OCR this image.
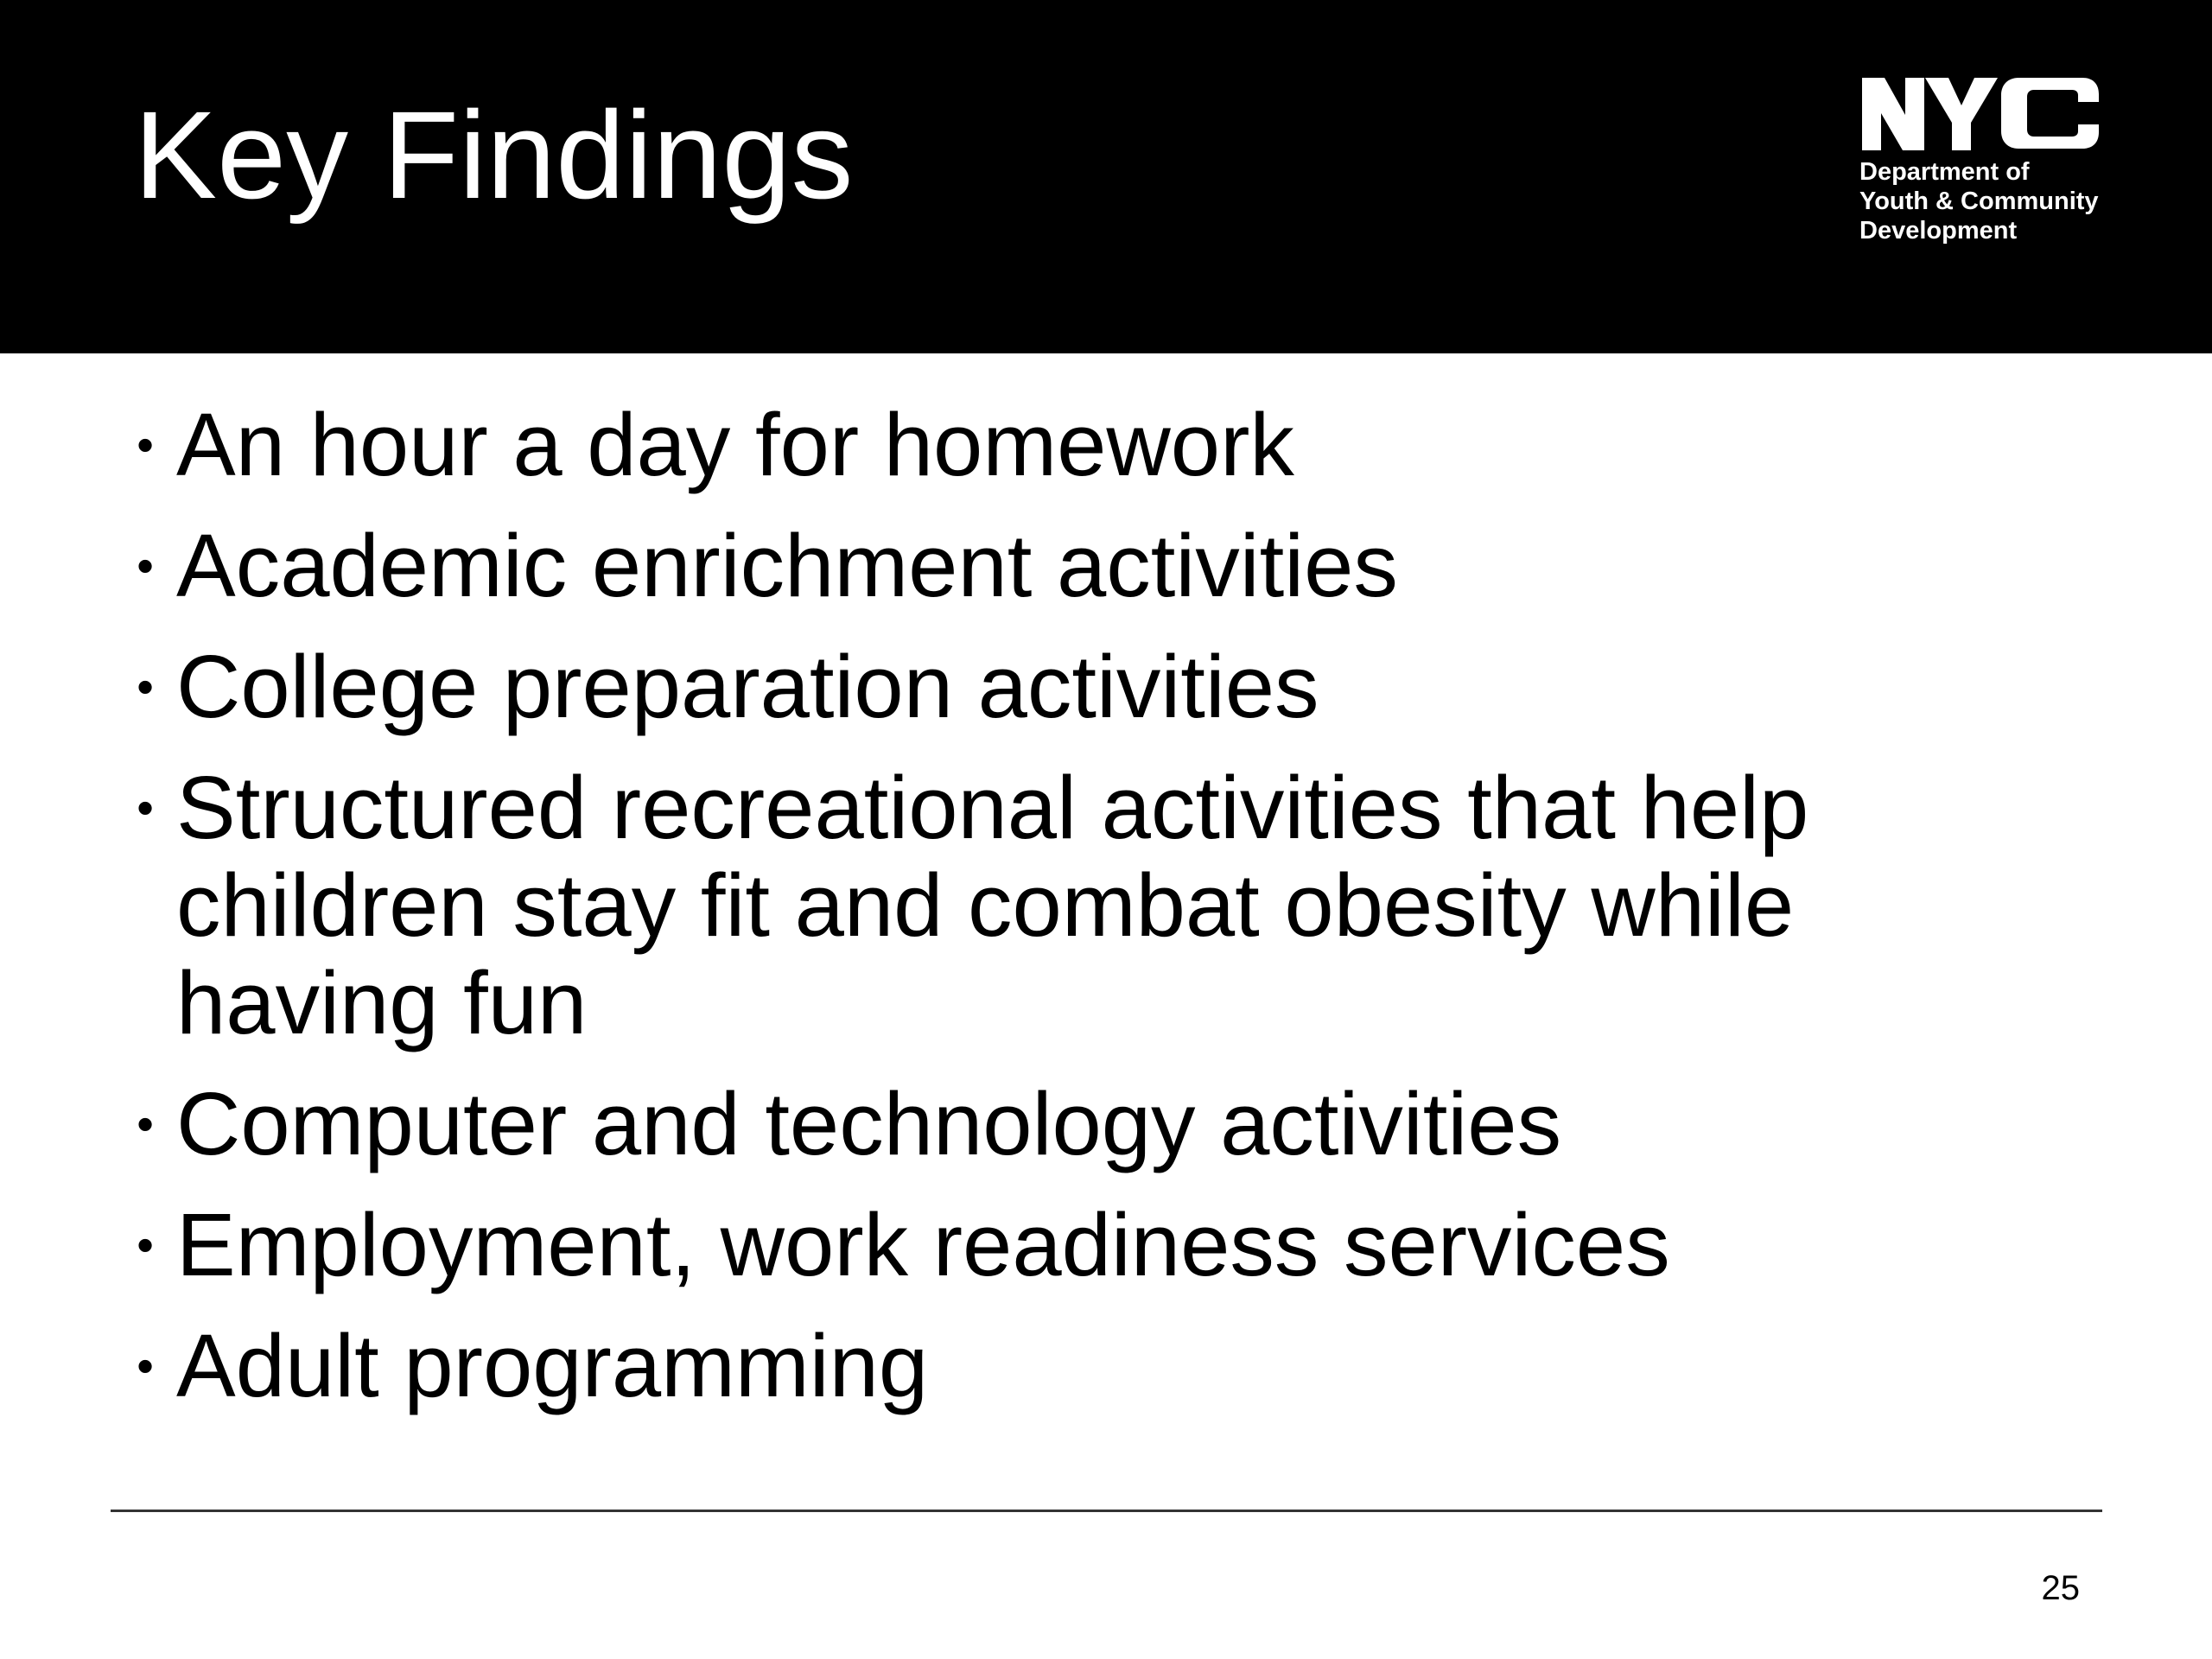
Key Findings	Department of
Youth & Community
Development
• An hour a day for homework
• Academic enrichment activities
• College preparation activities
• Structured recreational activities that help children stay fit and combat obesity while having fun
• Computer and technology activities
• Employment, work readiness services
• Adult programming
25
